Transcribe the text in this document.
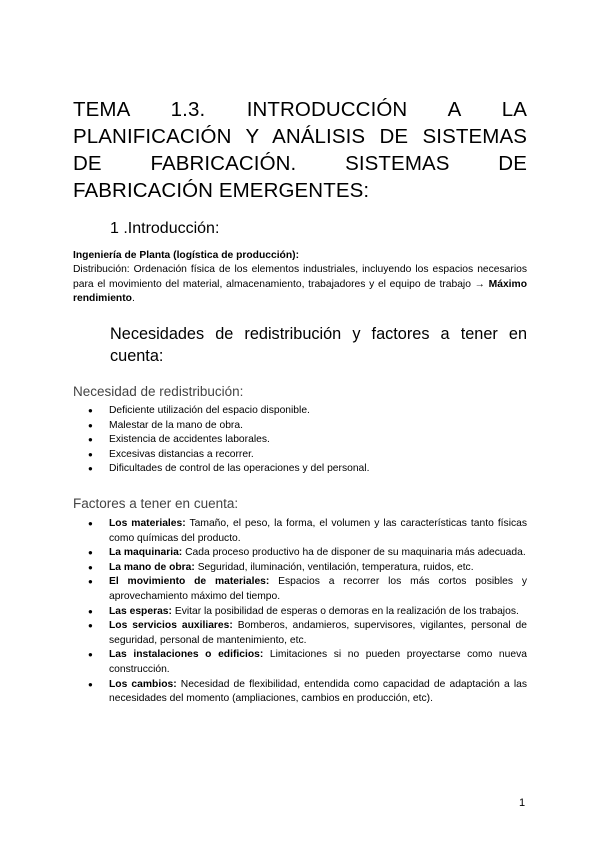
TEMA 1.3. INTRODUCCIÓN A LA PLANIFICACIÓN Y ANÁLISIS DE SISTEMAS DE FABRICACIÓN. SISTEMAS DE FABRICACIÓN EMERGENTES:
1 .Introducción:
Ingeniería de Planta (logística de producción):
Distribución: Ordenación física de los elementos industriales, incluyendo los espacios necesarios para el movimiento del material, almacenamiento, trabajadores y el equipo de trabajo → Máximo rendimiento.
Necesidades de redistribución y factores a tener en cuenta:
Necesidad de redistribución:
● Deficiente utilización del espacio disponible.
● Malestar de la mano de obra.
● Existencia de accidentes laborales.
● Excesivas distancias a recorrer.
● Dificultades de control de las operaciones y del personal.
Factores a tener en cuenta:
● Los materiales: Tamaño, el peso, la forma, el volumen y las características tanto físicas como químicas del producto.
● La maquinaria: Cada proceso productivo ha de disponer de su maquinaria más adecuada.
● La mano de obra: Seguridad, iluminación, ventilación, temperatura, ruidos, etc.
● El movimiento de materiales: Espacios a recorrer los más cortos posibles y aprovechamiento máximo del tiempo.
● Las esperas: Evitar la posibilidad de esperas o demoras en la realización de los trabajos.
● Los servicios auxiliares: Bomberos, andamieros, supervisores, vigilantes, personal de seguridad, personal de mantenimiento, etc.
● Las instalaciones o edificios: Limitaciones si no pueden proyectarse como nueva construcción.
● Los cambios: Necesidad de flexibilidad, entendida como capacidad de adaptación a las necesidades del momento (ampliaciones, cambios en producción, etc).
1
